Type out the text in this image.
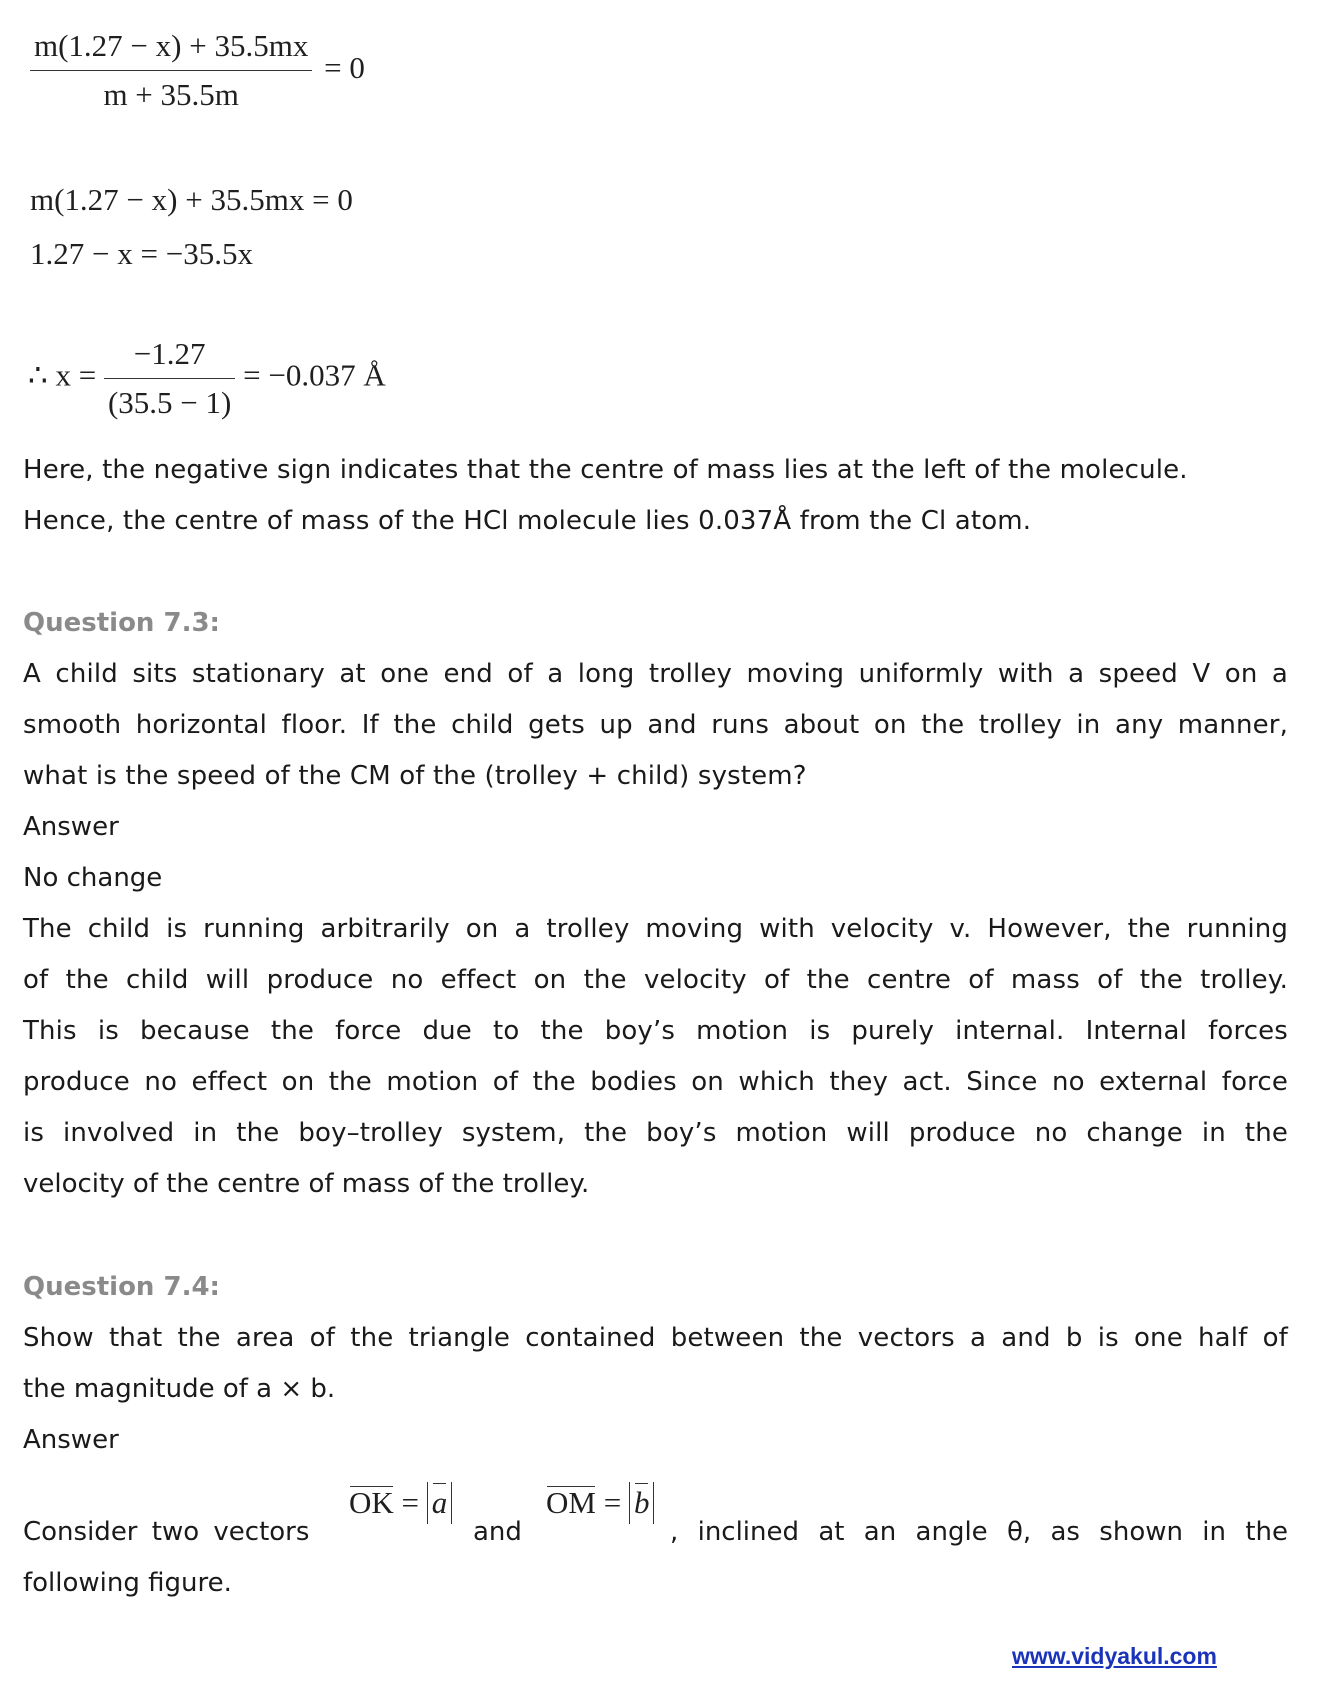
$\frac{m(1.27 - x) + 35.5mx}{m + 35.5m} = 0$
m(1.27 − x) + 35.5mx = 0
1.27 − x = −35.5x
∴ $x = \frac{-1.27}{(35.5 - 1)} = -0.037$ Å
Here, the negative sign indicates that the centre of mass lies at the left of the molecule.
Hence, the centre of mass of the HCl molecule lies 0.037Å from the Cl atom.
Question 7.3:
A child sits stationary at one end of a long trolley moving uniformly with a speed V on a
smooth horizontal floor. If the child gets up and runs about on the trolley in any manner,
what is the speed of the CM of the (trolley + child) system?
Answer
No change
The child is running arbitrarily on a trolley moving with velocity v. However, the running
of the child will produce no effect on the velocity of the centre of mass of the trolley.
This is because the force due to the boy’s motion is purely internal. Internal forces
produce no effect on the motion of the bodies on which they act. Since no external force
is involved in the boy–trolley system, the boy’s motion will produce no change in the
velocity of the centre of mass of the trolley.
Question 7.4:
Show that the area of the triangle contained between the vectors a and b is one half of
the magnitude of a × b.
Answer
Consider two vectors
OK = a
and
OM = b
, inclined at an angle θ, as shown in the
following figure.
www.vidyakul.com
